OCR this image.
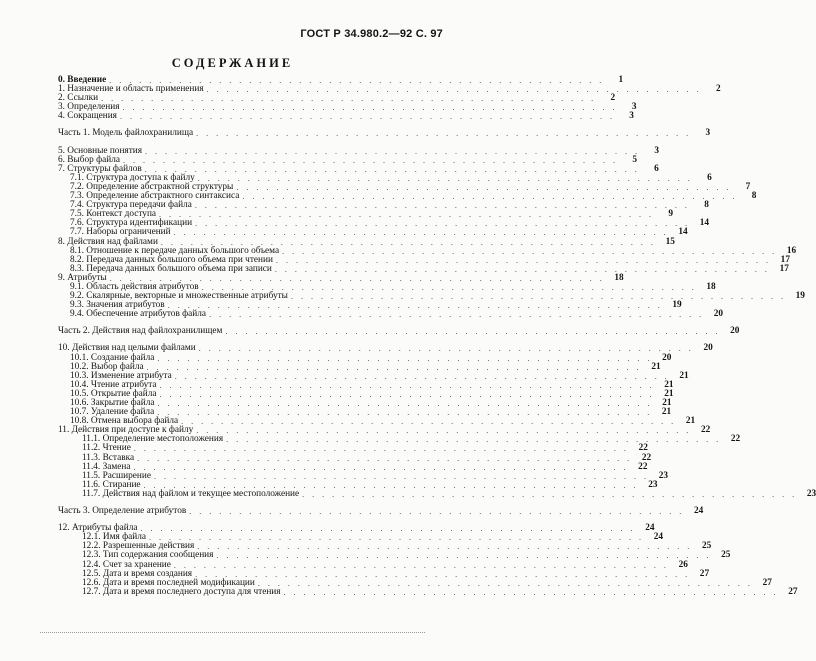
ГОСТ Р 34.980.2—92 С. 97
СОДЕРЖАНИЕ
0. Введение . . . . . . . . . . . . . . . . . . . . . . . . . . . . . . . . . . . . . . . . . . . . . . . . . .	1
1. Назначение и область применения . . . . . . . . . . . . . . . . . . . . . . . . . . . . . . . . . . . . . . . . . . . . . . . . . .	2
2. Ссылки . . . . . . . . . . . . . . . . . . . . . . . . . . . . . . . . . . . . . . . . . . . . . . . . . .	2
3. Определения . . . . . . . . . . . . . . . . . . . . . . . . . . . . . . . . . . . . . . . . . . . . . . . . . .	3
4. Сокращения . . . . . . . . . . . . . . . . . . . . . . . . . . . . . . . . . . . . . . . . . . . . . . . . . .	3
Часть 1. Модель файлохранилища . . . . . . . . . . . . . . . . . . . . . . . . . . . . . . . . . . . . . . . . . . . . . . . . . .	3
5. Основные понятия . . . . . . . . . . . . . . . . . . . . . . . . . . . . . . . . . . . . . . . . . . . . . . . . . .	3
6. Выбор файла . . . . . . . . . . . . . . . . . . . . . . . . . . . . . . . . . . . . . . . . . . . . . . . . . .	5
7. Структуры файлов . . . . . . . . . . . . . . . . . . . . . . . . . . . . . . . . . . . . . . . . . . . . . . . . . .	6
7.1. Структура доступа к файлу . . . . . . . . . . . . . . . . . . . . . . . . . . . . . . . . . . . . . . . . . . . . . . . . . .	6
7.2. Определение абстрактной структуры . . . . . . . . . . . . . . . . . . . . . . . . . . . . . . . . . . . . . . . . . . . . . . . . . .	7
7.3. Определение абстрактного синтаксиса . . . . . . . . . . . . . . . . . . . . . . . . . . . . . . . . . . . . . . . . . . . . . . . . . .	8
7.4. Структура передачи файла . . . . . . . . . . . . . . . . . . . . . . . . . . . . . . . . . . . . . . . . . . . . . . . . . .	8
7.5. Контекст доступа . . . . . . . . . . . . . . . . . . . . . . . . . . . . . . . . . . . . . . . . . . . . . . . . . .	9
7.6. Структура идентификации . . . . . . . . . . . . . . . . . . . . . . . . . . . . . . . . . . . . . . . . . . . . . . . . . .	14
7.7. Наборы ограничений . . . . . . . . . . . . . . . . . . . . . . . . . . . . . . . . . . . . . . . . . . . . . . . . . .	14
8. Действия над файлами . . . . . . . . . . . . . . . . . . . . . . . . . . . . . . . . . . . . . . . . . . . . . . . . . .	15
8.1. Отношение к передаче данных большого объема . . . . . . . . . . . . . . . . . . . . . . . . . . . . . . . . . . . . . . . . . . . . . . . . . .	16
8.2. Передача данных большого объема при чтении . . . . . . . . . . . . . . . . . . . . . . . . . . . . . . . . . . . . . . . . . . . . . . . . . .	17
8.3. Передача данных большого объема при записи . . . . . . . . . . . . . . . . . . . . . . . . . . . . . . . . . . . . . . . . . . . . . . . . . .	17
9. Атрибуты . . . . . . . . . . . . . . . . . . . . . . . . . . . . . . . . . . . . . . . . . . . . . . . . . .	18
9.1. Область действия атрибутов . . . . . . . . . . . . . . . . . . . . . . . . . . . . . . . . . . . . . . . . . . . . . . . . . .	18
9.2. Скалярные, векторные и множественные атрибуты . . . . . . . . . . . . . . . . . . . . . . . . . . . . . . . . . . . . . . . . . . . . . . . . . .	19
9.3. Значения атрибутов . . . . . . . . . . . . . . . . . . . . . . . . . . . . . . . . . . . . . . . . . . . . . . . . . .	19
9.4. Обеспечение атрибутов файла . . . . . . . . . . . . . . . . . . . . . . . . . . . . . . . . . . . . . . . . . . . . . . . . . .	20
Часть 2. Действия над файлохранилищем . . . . . . . . . . . . . . . . . . . . . . . . . . . . . . . . . . . . . . . . . . . . . . . . . .	20
10. Действия над целыми файлами . . . . . . . . . . . . . . . . . . . . . . . . . . . . . . . . . . . . . . . . . . . . . . . . . .	20
10.1. Создание файла . . . . . . . . . . . . . . . . . . . . . . . . . . . . . . . . . . . . . . . . . . . . . . . . . .	20
10.2. Выбор файла . . . . . . . . . . . . . . . . . . . . . . . . . . . . . . . . . . . . . . . . . . . . . . . . . .	21
10.3. Изменение атрибута . . . . . . . . . . . . . . . . . . . . . . . . . . . . . . . . . . . . . . . . . . . . . . . . . .	21
10.4. Чтение атрибута . . . . . . . . . . . . . . . . . . . . . . . . . . . . . . . . . . . . . . . . . . . . . . . . . .	21
10.5. Открытие файла . . . . . . . . . . . . . . . . . . . . . . . . . . . . . . . . . . . . . . . . . . . . . . . . . .	21
10.6. Закрытие файла . . . . . . . . . . . . . . . . . . . . . . . . . . . . . . . . . . . . . . . . . . . . . . . . . .	21
10.7. Удаление файла . . . . . . . . . . . . . . . . . . . . . . . . . . . . . . . . . . . . . . . . . . . . . . . . . .	21
10.8. Отмена выбора файла . . . . . . . . . . . . . . . . . . . . . . . . . . . . . . . . . . . . . . . . . . . . . . . . . .	21
11. Действия при доступе к файлу . . . . . . . . . . . . . . . . . . . . . . . . . . . . . . . . . . . . . . . . . . . . . . . . . .	22
11.1. Определение местоположения . . . . . . . . . . . . . . . . . . . . . . . . . . . . . . . . . . . . . . . . . . . . . . . . . .	22
11.2. Чтение . . . . . . . . . . . . . . . . . . . . . . . . . . . . . . . . . . . . . . . . . . . . . . . . . .	22
11.3. Вставка . . . . . . . . . . . . . . . . . . . . . . . . . . . . . . . . . . . . . . . . . . . . . . . . . .	22
11.4. Замена . . . . . . . . . . . . . . . . . . . . . . . . . . . . . . . . . . . . . . . . . . . . . . . . . .	22
11.5. Расширение . . . . . . . . . . . . . . . . . . . . . . . . . . . . . . . . . . . . . . . . . . . . . . . . . .	23
11.6. Стирание . . . . . . . . . . . . . . . . . . . . . . . . . . . . . . . . . . . . . . . . . . . . . . . . . .	23
11.7. Действия над файлом и текущее местоположение . . . . . . . . . . . . . . . . . . . . . . . . . . . . . . . . . . . . . . . . . . . . . . . . . .	23
Часть 3. Определение атрибутов . . . . . . . . . . . . . . . . . . . . . . . . . . . . . . . . . . . . . . . . . . . . . . . . . .	24
12. Атрибуты файла . . . . . . . . . . . . . . . . . . . . . . . . . . . . . . . . . . . . . . . . . . . . . . . . . .	24
12.1. Имя файла . . . . . . . . . . . . . . . . . . . . . . . . . . . . . . . . . . . . . . . . . . . . . . . . . .	24
12.2. Разрешенные действия . . . . . . . . . . . . . . . . . . . . . . . . . . . . . . . . . . . . . . . . . . . . . . . . . .	25
12.3. Тип содержания сообщения . . . . . . . . . . . . . . . . . . . . . . . . . . . . . . . . . . . . . . . . . . . . . . . . . .	25
12.4. Счет за хранение . . . . . . . . . . . . . . . . . . . . . . . . . . . . . . . . . . . . . . . . . . . . . . . . . .	26
12.5. Дата и время создания . . . . . . . . . . . . . . . . . . . . . . . . . . . . . . . . . . . . . . . . . . . . . . . . . .	27
12.6. Дата и время последней модификации . . . . . . . . . . . . . . . . . . . . . . . . . . . . . . . . . . . . . . . . . . . . . . . . . .	27
12.7. Дата и время последнего доступа для чтения . . . . . . . . . . . . . . . . . . . . . . . . . . . . . . . . . . . . . . . . . . . . . . . . . .	27
